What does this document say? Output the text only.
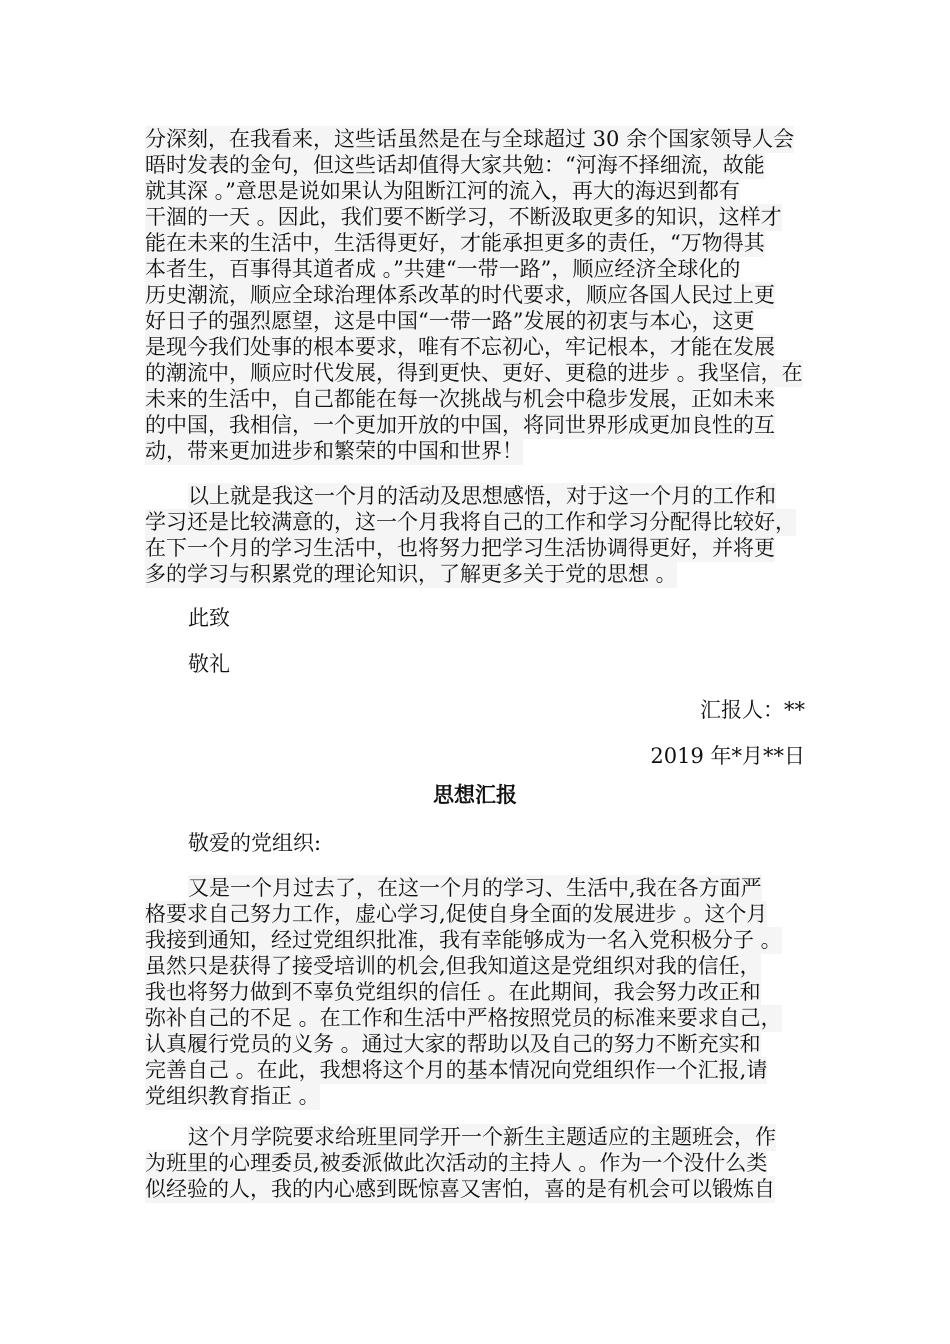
分深刻，在我看来，这些话虽然是在与全球超过 30 余个国家领导人会
晤时发表的金句，但这些话却值得大家共勉：“河海不择细流，故能
就其深 。”意思是说如果认为阻断江河的流入，再大的海迟到都有
干涸的一天 。因此，我们要不断学习，不断汲取更多的知识，这样才
能在未来的生活中，生活得更好，才能承担更多的责任，“万物得其
本者生，百事得其道者成 。”共建“一带一路”，顺应经济全球化的
历史潮流，顺应全球治理体系改革的时代要求，顺应各国人民过上更
好日子的强烈愿望，这是中国“一带一路”发展的初衷与本心，这更
是现今我们处事的根本要求，唯有不忘初心，牢记根本，才能在发展
的潮流中，顺应时代发展，得到更快、更好、更稳的进步 。我坚信，在
未来的生活中，自己都能在每一次挑战与机会中稳步发展，正如未来
的中国，我相信，一个更加开放的中国，将同世界形成更加良性的互
动，带来更加进步和繁荣的中国和世界！
以上就是我这一个月的活动及思想感悟，对于这一个月的工作和
学习还是比较满意的，这一个月我将自己的工作和学习分配得比较好，
在下一个月的学习生活中，也将努力把学习生活协调得更好，并将更
多的学习与积累党的理论知识，了解更多关于党的思想 。
此致
敬礼
汇报人：**
2019 年*月**日
思想汇报
敬爱的党组织:
又是一个月过去了，在这一个月的学习、生活中,我在各方面严
格要求自己努力工作，虚心学习,促使自身全面的发展进步 。这个月
我接到通知，经过党组织批准，我有幸能够成为一名入党积极分子 。
虽然只是获得了接受培训的机会,但我知道这是党组织对我的信任，
我也将努力做到不辜负党组织的信任 。在此期间，我会努力改正和
弥补自己的不足 。在工作和生活中严格按照党员的标准来要求自己，
认真履行党员的义务 。通过大家的帮助以及自己的努力不断充实和
完善自己 。在此，我想将这个月的基本情况向党组织作一个汇报,请
党组织教育指正 。
这个月学院要求给班里同学开一个新生主题适应的主题班会，作
为班里的心理委员,被委派做此次活动的主持人 。作为一个没什么类
似经验的人，我的内心感到既惊喜又害怕，喜的是有机会可以锻炼自
